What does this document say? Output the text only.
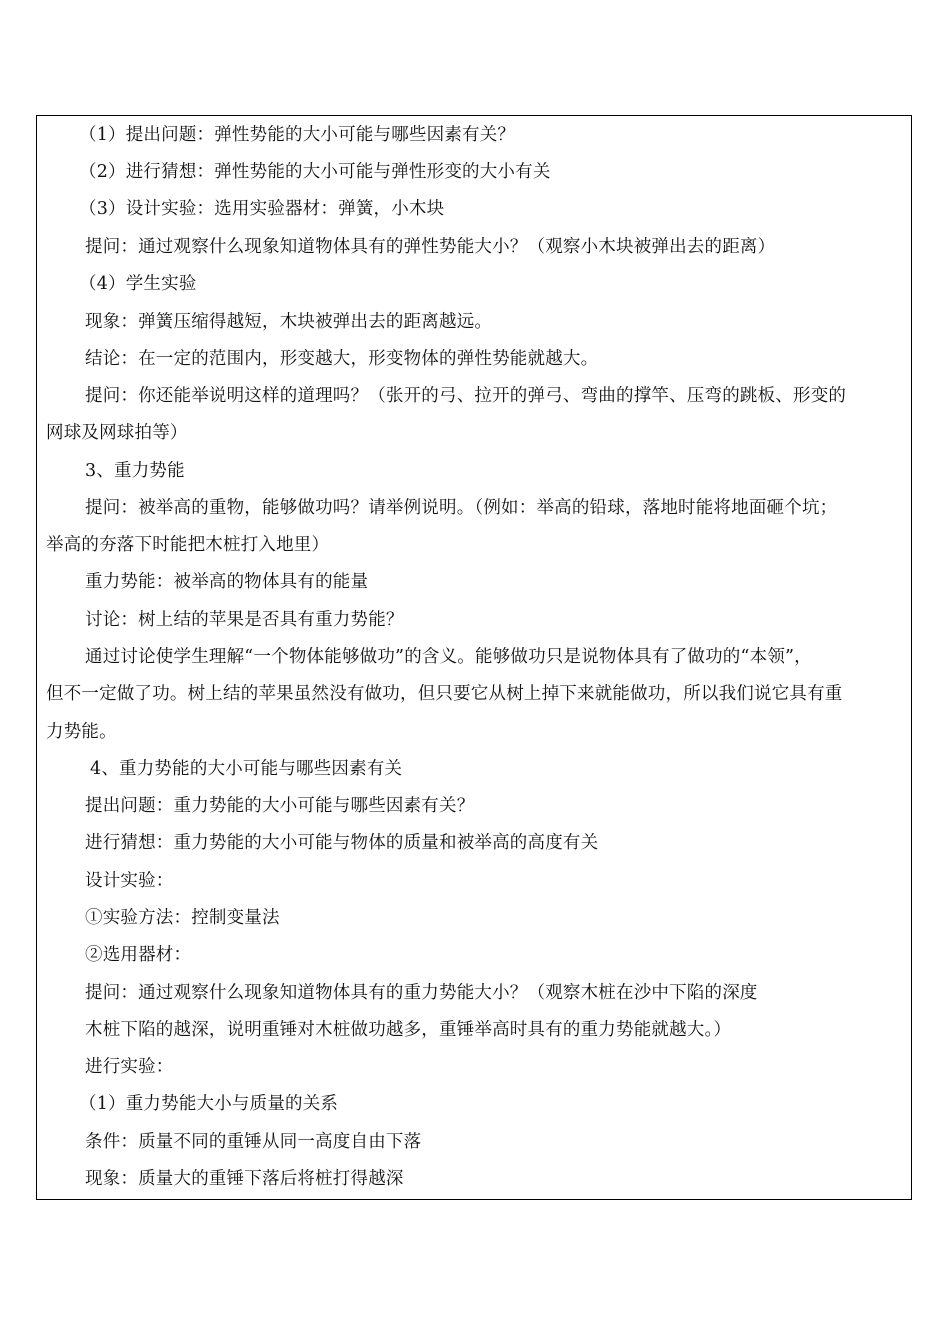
（1）提出问题：弹性势能的大小可能与哪些因素有关？
（2）进行猜想：弹性势能的大小可能与弹性形变的大小有关
（3）设计实验：选用实验器材：弹簧，小木块
提问：通过观察什么现象知道物体具有的弹性势能大小？（观察小木块被弹出去的距离）
（4）学生实验
现象：弹簧压缩得越短，木块被弹出去的距离越远。
结论：在一定的范围内，形变越大，形变物体的弹性势能就越大。
提问：你还能举说明这样的道理吗？（张开的弓、拉开的弹弓、弯曲的撑竿、压弯的跳板、形变的
网球及网球拍等）
3、重力势能
提问：被举高的重物，能够做功吗？请举例说明。（例如：举高的铅球，落地时能将地面砸个坑；
举高的夯落下时能把木桩打入地里）
重力势能：被举高的物体具有的能量
讨论：树上结的苹果是否具有重力势能？
通过讨论使学生理解“一个物体能够做功”的含义。能够做功只是说物体具有了做功的“本领”，
但不一定做了功。树上结的苹果虽然没有做功，但只要它从树上掉下来就能做功，所以我们说它具有重
力势能。
4、重力势能的大小可能与哪些因素有关
提出问题：重力势能的大小可能与哪些因素有关？
进行猜想：重力势能的大小可能与物体的质量和被举高的高度有关
设计实验：
①实验方法：控制变量法
②选用器材：
提问：通过观察什么现象知道物体具有的重力势能大小？（观察木桩在沙中下陷的深度
木桩下陷的越深，说明重锤对木桩做功越多，重锤举高时具有的重力势能就越大。）
进行实验：
（1）重力势能大小与质量的关系
条件：质量不同的重锤从同一高度自由下落
现象：质量大的重锤下落后将桩打得越深
